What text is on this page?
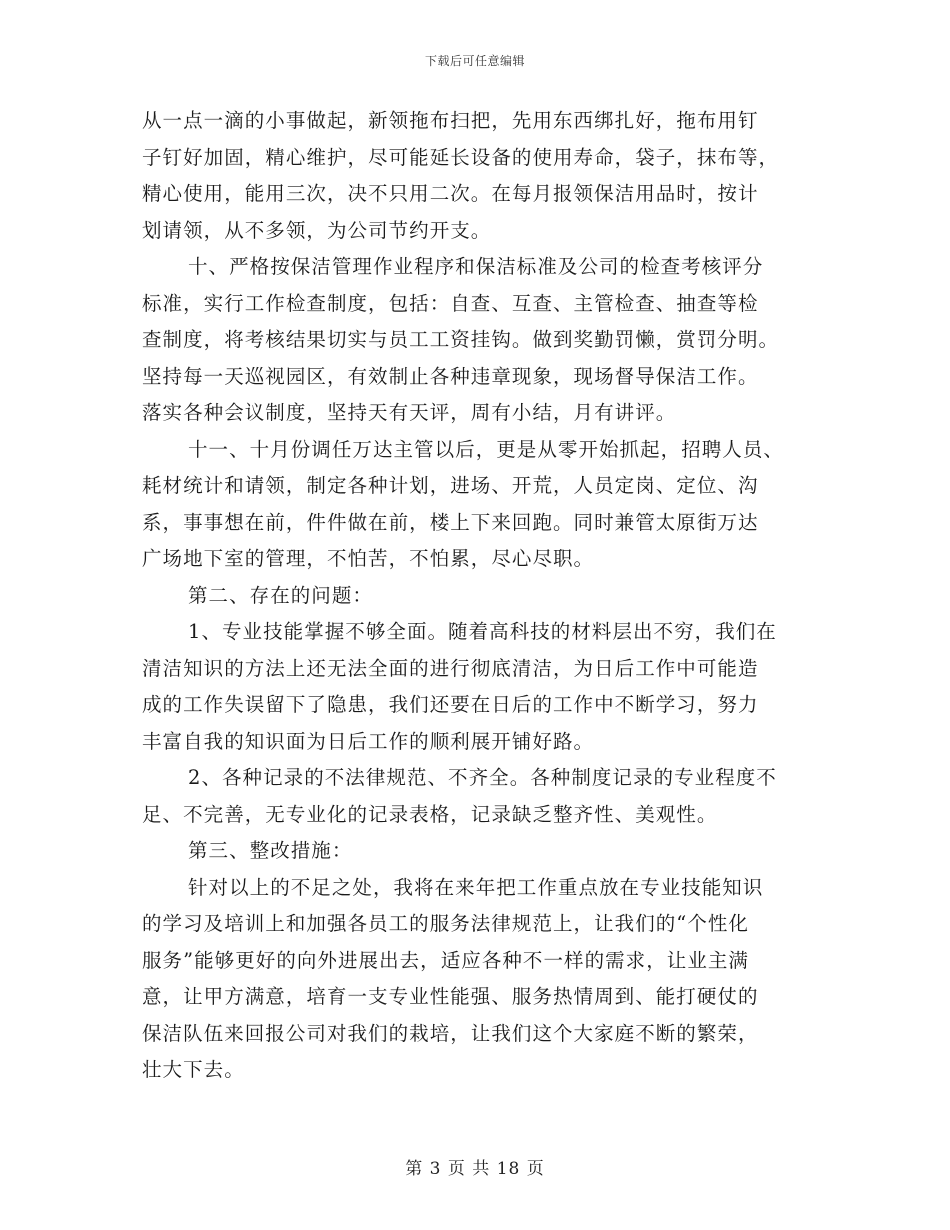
下载后可任意编辑
从一点一滴的小事做起，新领拖布扫把，先用东西绑扎好，拖布用钉
子钉好加固，精心维护，尽可能延长设备的使用寿命，袋子，抹布等，
精心使用，能用三次，决不只用二次。在每月报领保洁用品时，按计
划请领，从不多领，为公司节约开支。
十、严格按保洁管理作业程序和保洁标准及公司的检查考核评分
标准，实行工作检查制度，包括：自查、互查、主管检查、抽查等检
查制度，将考核结果切实与员工工资挂钩。做到奖勤罚懒，赏罚分明。
坚持每一天巡视园区，有效制止各种违章现象，现场督导保洁工作。
落实各种会议制度，坚持天有天评，周有小结，月有讲评。
十一、十月份调任万达主管以后，更是从零开始抓起，招聘人员、
耗材统计和请领，制定各种计划，进场、开荒，人员定岗、定位、沟
系，事事想在前，件件做在前，楼上下来回跑。同时兼管太原街万达
广场地下室的管理，不怕苦，不怕累，尽心尽职。
第二、存在的问题：
1、专业技能掌握不够全面。随着高科技的材料层出不穷，我们在
清洁知识的方法上还无法全面的进行彻底清洁，为日后工作中可能造
成的工作失误留下了隐患，我们还要在日后的工作中不断学习，努力
丰富自我的知识面为日后工作的顺利展开铺好路。
2、各种记录的不法律规范、不齐全。各种制度记录的专业程度不
足、不完善，无专业化的记录表格，记录缺乏整齐性、美观性。
第三、整改措施：
针对以上的不足之处，我将在来年把工作重点放在专业技能知识
的学习及培训上和加强各员工的服务法律规范上，让我们的“个性化
服务”能够更好的向外进展出去，适应各种不一样的需求，让业主满
意，让甲方满意，培育一支专业性能强、服务热情周到、能打硬仗的
保洁队伍来回报公司对我们的栽培，让我们这个大家庭不断的繁荣，
壮大下去。
第 3 页 共 18 页
